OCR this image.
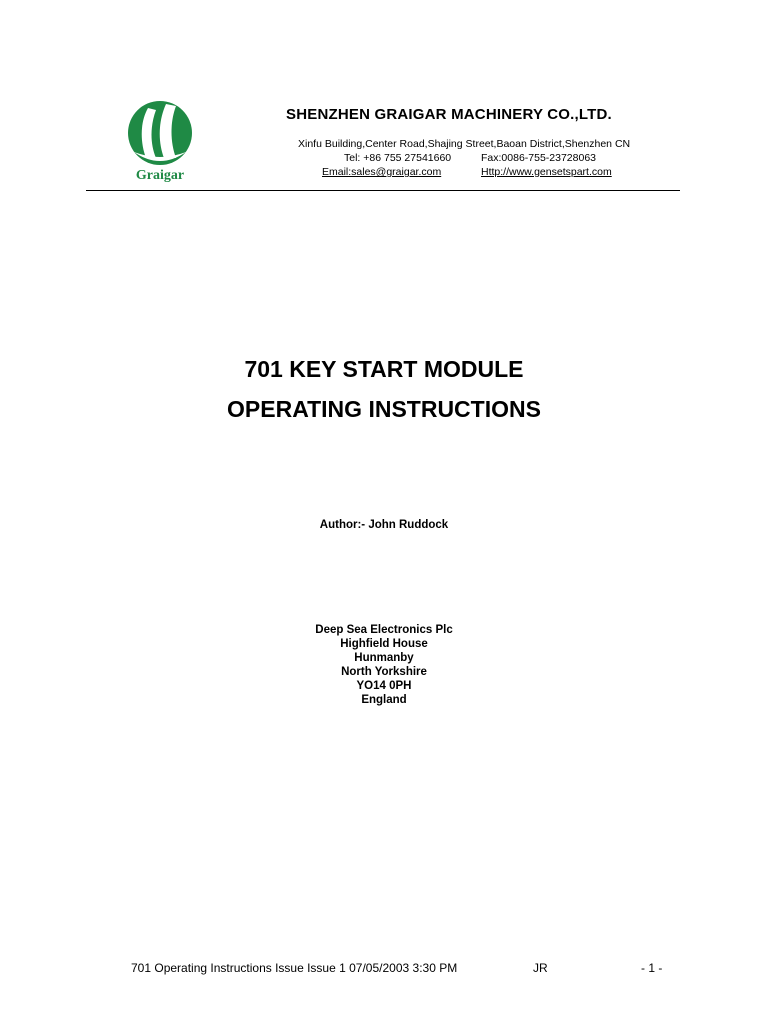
Graigar
SHENZHEN GRAIGAR MACHINERY CO.,LTD.
Xinfu Building,Center Road,Shajing Street,Baoan District,Shenzhen CN
Tel: +86 755 27541660	Fax:0086-755-23728063
Email:sales@graigar.com	Http://www.gensetspart.com
701 KEY START MODULE
OPERATING INSTRUCTIONS
Author:- John Ruddock
Deep Sea Electronics Plc
Highfield House
Hunmanby
North Yorkshire
YO14 0PH
England
701 Operating Instructions Issue Issue 1 07/05/2003 3:30 PM	JR	- 1 -
